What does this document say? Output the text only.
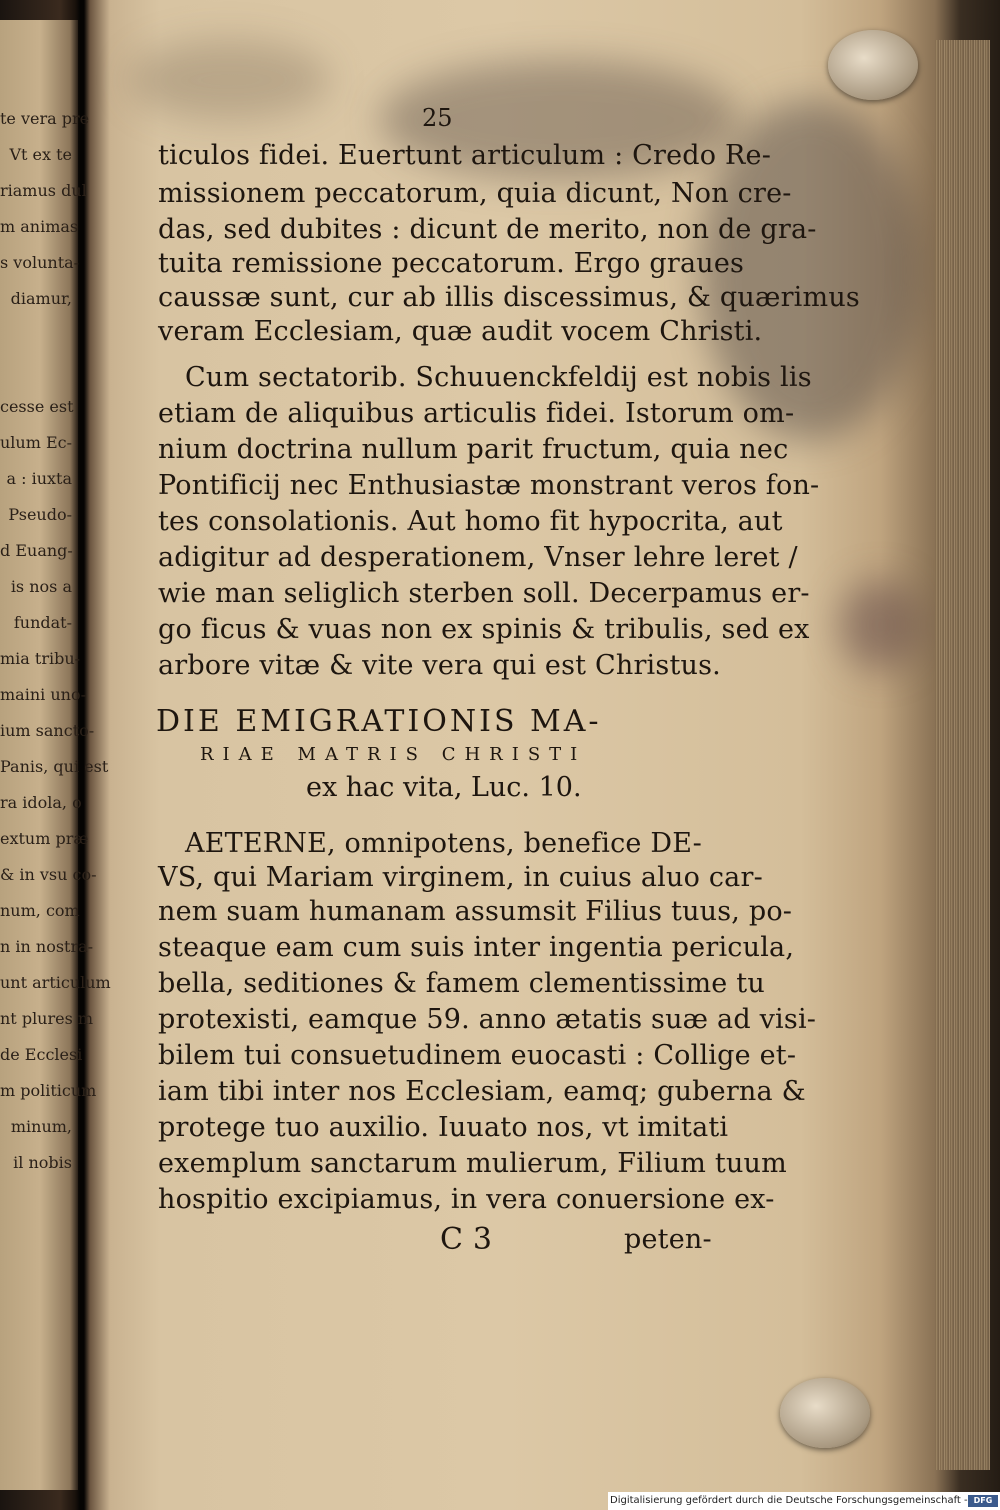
te vera pre
Vt ex te
riamus dul
m animas
s volunta-
diamur,
cesse est
ulum Ec-
a : iuxta
Pseudo-
d Euang-
is nos a
fundat-
mia tribu-
maini uno-
ium sancto-
Panis, qui est
ra idola, o
extum præ
& in vsu co-
num, com
n in nostra-
unt articulum
nt plures m
de Ecclesi
m politicum
minum,
il nobis
25
ticulos fidei. Euertunt articulum : Credo Re-
missionem peccatorum, quia dicunt, Non cre-
das, sed dubites : dicunt de merito, non de gra-
tuita remissione peccatorum. Ergo graues
caussæ sunt, cur ab illis discessimus, & quærimus
veram Ecclesiam, quæ audit vocem Christi.
Cum sectatorib. Schuuenckfeldij est nobis lis
etiam de aliquibus articulis fidei. Istorum om-
nium doctrina nullum parit fructum, quia nec
Pontificij nec Enthusiastæ monstrant veros fon-
tes consolationis. Aut homo fit hypocrita, aut
adigitur ad desperationem, Vnser lehre leret /
wie man seliglich sterben soll. Decerpamus er-
go ficus & vuas non ex spinis & tribulis, sed ex
arbore vitæ & vite vera qui est Christus.
DIE EMIGRATIONIS MA-
RIAE MATRIS CHRISTI
ex hac vita, Luc. 10.
AETERNE, omnipotens, benefice DE-
VS, qui Mariam virginem, in cuius aluo car-
nem suam humanam assumsit Filius tuus, po-
steaque eam cum suis inter ingentia pericula,
bella, seditiones & famem clementissime tu
protexisti, eamque 59. anno ætatis suæ ad visi-
bilem tui consuetudinem euocasti : Collige et-
iam tibi inter nos Ecclesiam, eamq; guberna &
protege tuo auxilio. Iuuato nos, vt imitati
exemplum sanctarum mulierum, Filium tuum
hospitio excipiamus, in vera conuersione ex-
C 3	peten-
Digitalisierung gefördert durch die Deutsche Forschungsgemeinschaft - DFG
